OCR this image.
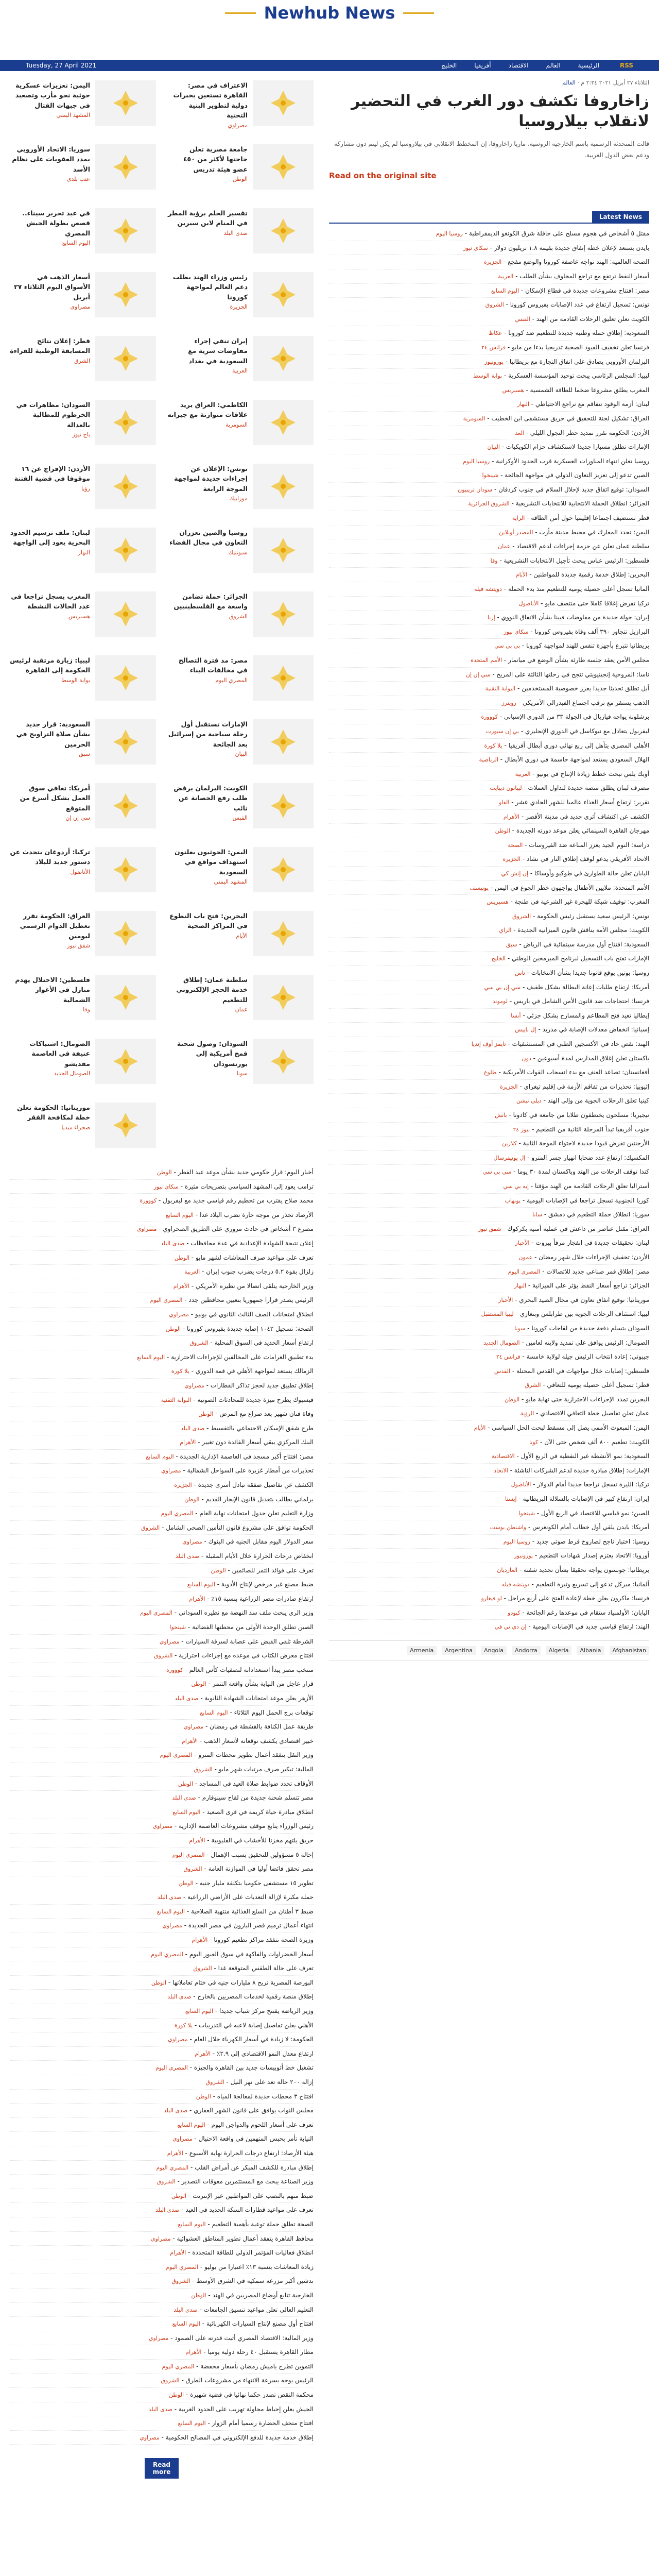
Newhub News
Tuesday, 27 April 2021	الرئيسية
العالم
الاقتصاد
أفريقيا
الخليج	RSS
اليمن: تعزيزات عسكرية حوثية نحو مأرب وتصعيد في جبهات القتال
المشهد اليمني
الاعتراف في مصر: القاهرة تستعين بخبرات دولية لتطوير البنية التحتية
مصراوي
سوريا: الاتحاد الأوروبي يمدد العقوبات على نظام الأسد
عنب بلدي
جامعة مصرية تعلن حاجتها لأكثر من ٤٥٠ عضو هيئة تدريس
الوطن
في عيد تحرير سيناء.. قصص بطولة الجيش المصري
اليوم السابع
تفسير الحلم برؤية المطر في المنام لابن سيرين
صدى البلد
أسعار الذهب في الأسواق اليوم الثلاثاء ٢٧ أبريل
مصراوي
رئيس وزراء الهند يطلب دعم العالم لمواجهة كورونا
الجزيرة
قطر: إعلان نتائج المسابقة الوطنية للقراءة
الشرق
إيران تنفي إجراء مفاوضات سرية مع السعودية في بغداد
العربية
السودان: مظاهرات في الخرطوم للمطالبة بالعدالة
باج نيوز
الكاظمي: العراق يريد علاقات متوازنة مع جيرانه
السومرية
الأردن: الإفراج عن ١٦ موقوفا في قضية الفتنة
رؤيا
تونس: الإعلان عن إجراءات جديدة لمواجهة الموجة الرابعة
موزاييك
لبنان: ملف ترسيم الحدود البحرية يعود إلى الواجهة
النهار
روسيا والصين تعززان التعاون في مجال الفضاء
سبوتنيك
المغرب يسجل تراجعا في عدد الحالات النشطة
هسبريس
الجزائر: حملة تضامن واسعة مع الفلسطينيين
الشروق
ليبيا: زيارة مرتقبة لرئيس الحكومة إلى القاهرة
بوابة الوسط
مصر: مد فترة التصالح في مخالفات البناء
المصري اليوم
السعودية: قرار جديد بشأن صلاة التراويح في الحرمين
سبق
الإمارات تستقبل أول رحلة سياحية من إسرائيل بعد الجائحة
البيان
أمريكا: تعافي سوق العمل بشكل أسرع من المتوقع
سي إن إن
الكويت: البرلمان يرفض طلب رفع الحصانة عن نائب
القبس
تركيا: أردوغان يتحدث عن دستور جديد للبلاد
الأناضول
اليمن: الحوثيون يعلنون استهداف مواقع في السعودية
المشهد اليمني
العراق: الحكومة تقرر تعطيل الدوام الرسمي ليومين
شفق نيوز
البحرين: فتح باب التطوع في المراكز الصحية
الأيام
فلسطين: الاحتلال يهدم منازل في الأغوار الشمالية
وفا
سلطنة عمان: إطلاق خدمة الحجز الإلكتروني للتطعيم
عمان
الصومال: اشتباكات عنيفة في العاصمة مقديشو
الصومال الجديد
السودان: وصول شحنة قمح أمريكية إلى بورتسودان
سونا
موريتانيا: الحكومة تعلن خطة لمكافحة الفقر
صحراء ميديا
أخبار اليوم: قرار حكومي جديد بشأن موعد عيد الفطر - الوطن
ترامب يعود إلى المشهد السياسي بتصريحات مثيرة - سكاي نيوز
محمد صلاح يقترب من تحطيم رقم قياسي جديد مع ليفربول - كووورة
الأرصاد تحذر من موجة حارة تضرب البلاد غدا - اليوم السابع
مصرع ٣ أشخاص في حادث مروري على الطريق الصحراوي - مصراوي
إعلان نتيجة الشهادة الإعدادية في عدة محافظات - صدى البلد
تعرف على مواعيد صرف المعاشات لشهر مايو - الوطن
زلزال بقوة ٥.٢ درجات يضرب جنوب إيران - العربية
وزير الخارجية يتلقى اتصالا من نظيره الأمريكي - الأهرام
الرئيس يصدر قرارا جمهوريا بتعيين محافظين جدد - المصري اليوم
انطلاق امتحانات الصف الثالث الثانوي في يونيو - مصراوي
الصحة: تسجيل ١٠٤٢ إصابة جديدة بفيروس كورونا - الوطن
ارتفاع أسعار الحديد في السوق المحلية - الشروق
بدء تطبيق الغرامات على المخالفين للإجراءات الاحترازية - اليوم السابع
الزمالك يستعد لمواجهة الأهلي في قمة الدوري - يلا كورة
إطلاق تطبيق جديد لحجز تذاكر القطارات - مصراوي
فيسبوك يطرح ميزة جديدة للمحادثات الصوتية - البوابة التقنية
وفاة فنان شهير بعد صراع مع المرض - الوطن
طرح شقق الإسكان الاجتماعي بالتقسيط - صدى البلد
البنك المركزي يبقي أسعار الفائدة دون تغيير - الأهرام
مصر: افتتاح أكبر مسجد في العاصمة الإدارية الجديدة - اليوم السابع
تحذيرات من أمطار غزيرة على السواحل الشمالية - مصراوي
الكشف عن تفاصيل صفقة تبادل أسرى جديدة - الجزيرة
برلماني يطالب بتعديل قانون الإيجار القديم - الوطن
وزارة التعليم تعلن جدول امتحانات نهاية العام - المصري اليوم
الحكومة توافق على مشروع قانون التأمين الصحي الشامل - الشروق
سعر الدولار اليوم مقابل الجنيه في البنوك - مصراوي
انخفاض درجات الحرارة خلال الأيام المقبلة - صدى البلد
تعرف على فوائد التمر للصائمين - الوطن
ضبط مصنع غير مرخص لإنتاج الأدوية - اليوم السابع
ارتفاع صادرات مصر الزراعية بنسبة ١٥٪ - الأهرام
وزير الري يبحث ملف سد النهضة مع نظيره السوداني - المصري اليوم
الصين تطلق الوحدة الأولى من محطتها الفضائية - شينخوا
الشرطة تلقي القبض على عصابة لسرقة السيارات - مصراوي
افتتاح معرض الكتاب في موعده مع إجراءات احترازية - الشروق
منتخب مصر يبدأ استعداداته لتصفيات كأس العالم - كووورة
قرار عاجل من النيابة بشأن واقعة التنمر - الوطن
الأزهر يعلن موعد امتحانات الشهادة الثانوية - صدى البلد
توقعات برج الحمل اليوم الثلاثاء - اليوم السابع
طريقة عمل الكنافة بالقشطة في رمضان - مصراوي
خبير اقتصادي يكشف توقعاته لأسعار الذهب - الأهرام
وزير النقل يتفقد أعمال تطوير محطات المترو - المصري اليوم
المالية: تبكير صرف مرتبات شهر مايو - الشروق
الأوقاف تحدد ضوابط صلاة العيد في المساجد - الوطن
مصر تتسلم شحنة جديدة من لقاح سينوفارم - صدى البلد
انطلاق مبادرة حياة كريمة في قرى الصعيد - اليوم السابع
رئيس الوزراء يتابع موقف مشروعات العاصمة الإدارية - مصراوي
حريق يلتهم مخزنا للأخشاب في القليوبية - الأهرام
إحالة ٥ مسؤولين للتحقيق بسبب الإهمال - المصري اليوم
مصر تحقق فائضا أوليا في الموازنة العامة - الشروق
تطوير ١٥ مستشفى حكوميا بتكلفة مليار جنيه - الوطن
حملة مكبرة لإزالة التعديات على الأراضي الزراعية - صدى البلد
ضبط ٣ أطنان من السلع الغذائية منتهية الصلاحية - اليوم السابع
انتهاء أعمال ترميم قصر البارون في مصر الجديدة - مصراوي
وزيرة الصحة تتفقد مراكز تطعيم كورونا - الأهرام
أسعار الخضراوات والفاكهة في سوق العبور اليوم - المصري اليوم
تعرف على حالة الطقس المتوقعة غدا - الشروق
البورصة المصرية تربح ٨ مليارات جنيه في ختام تعاملاتها - الوطن
إطلاق منصة رقمية لخدمات المصريين بالخارج - صدى البلد
وزير الرياضة يفتتح مركز شباب جديدا - اليوم السابع
الأهلي يعلن تفاصيل إصابة لاعبه في التدريبات - يلا كورة
الحكومة: لا زيادة في أسعار الكهرباء خلال العام - مصراوي
ارتفاع معدل النمو الاقتصادي إلى ٢.٩٪ - الأهرام
تشغيل خط أتوبيسات جديد بين القاهرة والجيزة - المصري اليوم
إزالة ٢٠٠ حالة تعد على نهر النيل - الشروق
افتتاح ٣ محطات جديدة لمعالجة المياه - الوطن
مجلس النواب يوافق على قانون الشهر العقاري - صدى البلد
تعرف على أسعار اللحوم والدواجن اليوم - اليوم السابع
النيابة تأمر بحبس المتهمين في واقعة الاحتيال - مصراوي
هيئة الأرصاد: ارتفاع درجات الحرارة نهاية الأسبوع - الأهرام
إطلاق مبادرة للكشف المبكر عن أمراض القلب - المصري اليوم
وزير الصناعة يبحث مع المستثمرين معوقات التصدير - الشروق
ضبط متهم بالنصب على المواطنين عبر الإنترنت - الوطن
تعرف على مواعيد قطارات السكة الحديد في العيد - صدى البلد
الصحة تطلق حملة توعية بأهمية التطعيم - اليوم السابع
محافظ القاهرة يتفقد أعمال تطوير المناطق العشوائية - مصراوي
انطلاق فعاليات المؤتمر الدولي للطاقة المتجددة - الأهرام
زيادة المعاشات بنسبة ١٣٪ اعتبارا من يوليو - المصري اليوم
تدشين أكبر مزرعة سمكية في الشرق الأوسط - الشروق
الخارجية تتابع أوضاع المصريين في الهند - الوطن
التعليم العالي تعلن مواعيد تنسيق الجامعات - صدى البلد
افتتاح أول مصنع لإنتاج السيارات الكهربائية - اليوم السابع
وزير المالية: الاقتصاد المصري أثبت قدرته على الصمود - مصراوي
مطار القاهرة يستقبل ٤٠ رحلة دولية يوميا - الأهرام
التموين تطرح ياميش رمضان بأسعار مخفضة - المصري اليوم
الرئيس يوجه بسرعة الانتهاء من مشروعات الطرق - الشروق
محكمة النقض تصدر حكما نهائيا في قضية شهيرة - الوطن
الجيش يعلن إحباط محاولة تهريب على الحدود الغربية - صدى البلد
افتتاح متحف الحضارة رسميا أمام الزوار - اليوم السابع
إطلاق خدمة جديدة للدفع الإلكتروني في المصالح الحكومية - مصراوي
Read more
الثلاثاء ٢٧ أبريل ٢٠٢١ ٢:٣٤ م · العالم
زاخاروفا تكشف دور الغرب في التحضير لانقلاب بيلاروسيا

قالت المتحدثة الرسمية باسم الخارجية الروسية، ماريا زاخاروفا، إن المخطط الانقلابي في بيلاروسيا لم يكن ليتم دون مشاركة ودعم بعض الدول الغربية.

Read on the original site
Latest News
مقتل ٥ أشخاص في هجوم مسلح على حافلة شرق الكونغو الديمقراطية - روسيا اليوم
بايدن يستعد لإعلان خطة إنفاق جديدة بقيمة ١.٨ تريليون دولار - سكاي نيوز
الصحة العالمية: الهند تواجه عاصفة كورونا والوضع مفجع - الجزيرة
أسعار النفط ترتفع مع تراجع المخاوف بشأن الطلب - العربية
مصر: افتتاح مشروعات جديدة في قطاع الإسكان - اليوم السابع
تونس: تسجيل ارتفاع في عدد الإصابات بفيروس كورونا - الشروق
الكويت تعلن تعليق الرحلات القادمة من الهند - القبس
السعودية: إطلاق حملة وطنية جديدة للتطعيم ضد كورونا - عكاظ
فرنسا تعلن تخفيف القيود الصحية تدريجيا بدءا من مايو - فرانس ٢٤
البرلمان الأوروبي يصادق على اتفاق التجارة مع بريطانيا - يورونيوز
ليبيا: المجلس الرئاسي يبحث توحيد المؤسسة العسكرية - بوابة الوسط
المغرب يطلق مشروعا ضخما للطاقة الشمسية - هسبريس
لبنان: أزمة الوقود تتفاقم مع تراجع الاحتياطي - النهار
العراق: تشكيل لجنة للتحقيق في حريق مستشفى ابن الخطيب - السومرية
الأردن: الحكومة تقرر تمديد حظر التجول الليلي - الغد
الإمارات تطلق مسبارا جديدا لاستكشاف حزام الكويكبات - البيان
روسيا تعلن انتهاء المناورات العسكرية قرب الحدود الأوكرانية - روسيا اليوم
الصين تدعو إلى تعزيز التعاون الدولي في مواجهة الجائحة - شينخوا
السودان: توقيع اتفاق جديد لإحلال السلام في جنوب كردفان - سودان تريبيون
الجزائر: انطلاق الحملة الانتخابية للانتخابات التشريعية - الشروق الجزائرية
قطر تستضيف اجتماعا إقليميا حول أمن الطاقة - الراية
اليمن: تجدد المعارك في محيط مدينة مأرب - المصدر أونلاين
سلطنة عمان تعلن عن حزمة إجراءات لدعم الاقتصاد - عمان
فلسطين: الرئيس عباس يبحث تأجيل الانتخابات التشريعية - وفا
البحرين: إطلاق خدمة رقمية جديدة للمواطنين - الأيام
ألمانيا تسجل أعلى حصيلة يومية للتطعيم منذ بدء الحملة - دويتشه فيله
تركيا تفرض إغلاقا كاملا حتى منتصف مايو - الأناضول
إيران: جولة جديدة من مفاوضات فيينا بشأن الاتفاق النووي - إرنا
البرازيل تتجاوز ٣٩٠ ألف وفاة بفيروس كورونا - سكاي نيوز
بريطانيا تتبرع بأجهزة تنفس للهند لمواجهة كورونا - بي بي سي
مجلس الأمن يعقد جلسة طارئة بشأن الوضع في ميانمار - الأمم المتحدة
ناسا: المروحية إنجينيويتي تنجح في رحلتها الثالثة على المريخ - سي إن إن
أبل تطلق تحديثا جديدا يعزز خصوصية المستخدمين - البوابة التقنية
الذهب يستقر مع ترقب اجتماع الفيدرالي الأمريكي - رويترز
برشلونة يواجه فياريال في الجولة ٣٣ من الدوري الإسباني - كووورة
ليفربول يتعادل مع نيوكاسل في الدوري الإنجليزي - بي إن سبورت
الأهلي المصري يتأهل إلى ربع نهائي دوري أبطال أفريقيا - يلا كورة
الهلال السعودي يستعد لمواجهة حاسمة في دوري الأبطال - الرياضية
أوبك بلس تبحث خطط زيادة الإنتاج في يونيو - العربية
مصرف لبنان يطلق منصة جديدة لتداول العملات - ليبانون ديبايت
تقرير: ارتفاع أسعار الغذاء عالميا للشهر الحادي عشر - الفاو
الكشف عن اكتشاف أثري جديد في مدينة الأقصر - الأهرام
مهرجان القاهرة السينمائي يعلن موعد دورته الجديدة - الوطن
دراسة: النوم الجيد يعزز المناعة ضد الفيروسات - الصحة
الاتحاد الأفريقي يدعو لوقف إطلاق النار في تشاد - الجزيرة
اليابان تعلن حالة الطوارئ في طوكيو وأوساكا - إن إتش كي
الأمم المتحدة: ملايين الأطفال يواجهون خطر الجوع في اليمن - يونيسف
المغرب: توقيف شبكة للهجرة غير الشرعية في طنجة - هسبريس
تونس: الرئيس سعيد يستقبل رئيس الحكومة - الشروق
الكويت: مجلس الأمة يناقش قانون الميزانية الجديدة - الراي
السعودية: افتتاح أول مدرسة سينمائية في الرياض - سبق
الإمارات تفتح باب التسجيل لبرنامج المبرمجين الوطني - الخليج
روسيا: بوتين يوقع قانونا جديدا بشأن الانتخابات - تاس
أمريكا: ارتفاع طلبات إعانة البطالة بشكل طفيف - سي إن بي سي
فرنسا: احتجاجات ضد قانون الأمن الشامل في باريس - لوموند
إيطاليا تعيد فتح المطاعم والمسارح بشكل جزئي - أنسا
إسبانيا: انخفاض معدلات الإصابة في مدريد - إل باييس
الهند: نقص حاد في الأكسجين الطبي في المستشفيات - تايمز أوف إنديا
باكستان تعلن إغلاق المدارس لمدة أسبوعين - دون
أفغانستان: تصاعد العنف مع بدء انسحاب القوات الأمريكية - طلوع
إثيوبيا: تحذيرات من تفاقم الأزمة في إقليم تيغراي - الجزيرة
كينيا تعلق الرحلات الجوية من وإلى الهند - ديلي نيشن
نيجيريا: مسلحون يختطفون طلابا من جامعة في كادونا - بانش
جنوب أفريقيا تبدأ المرحلة الثانية من التطعيم - نيوز ٢٤
الأرجنتين تفرض قيودا جديدة لاحتواء الموجة الثانية - كلارين
المكسيك: ارتفاع عدد ضحايا انهيار جسر المترو - إل يونيفرسال
كندا توقف الرحلات من الهند وباكستان لمدة ٣٠ يوما - سي بي سي
أستراليا تعلق الرحلات القادمة من الهند مؤقتا - إيه بي سي
كوريا الجنوبية تسجل تراجعا في الإصابات اليومية - يونهاب
سوريا: انطلاق حملة التطعيم في دمشق - سانا
العراق: مقتل عناصر من داعش في عملية أمنية بكركوك - شفق نيوز
لبنان: تحقيقات جديدة في انفجار مرفأ بيروت - الأخبار
الأردن: تخفيف الإجراءات خلال شهر رمضان - عمون
مصر: إطلاق قمر صناعي جديد للاتصالات - المصري اليوم
الجزائر: تراجع أسعار النفط يؤثر على الميزانية - النهار
موريتانيا: توقيع اتفاق تعاون في مجال الصيد البحري - الأخبار
ليبيا: استئناف الرحلات الجوية بين طرابلس وبنغازي - ليبيا المستقبل
السودان يتسلم دفعة جديدة من لقاحات كورونا - سونا
الصومال: الرئيس يوافق على تمديد ولايته لعامين - الصومال الجديد
جيبوتي: إعادة انتخاب الرئيس جيله لولاية خامسة - فرانس ٢٤
فلسطين: إصابات خلال مواجهات في القدس المحتلة - القدس
قطر: تسجيل أعلى حصيلة يومية للتعافي - الشرق
البحرين تمدد الإجراءات الاحترازية حتى نهاية مايو - الوطن
عمان تعلن تفاصيل خطة التعافي الاقتصادي - الرؤية
اليمن: المبعوث الأممي يصل إلى مسقط لبحث الحل السياسي - الأيام
الكويت: تطعيم ٨٠٠ ألف شخص حتى الآن - كونا
السعودية: نمو الأنشطة غير النفطية في الربع الأول - الاقتصادية
الإمارات: إطلاق مبادرة جديدة لدعم الشركات الناشئة - الاتحاد
تركيا: الليرة تسجل تراجعا جديدا أمام الدولار - الأناضول
إيران: ارتفاع كبير في الإصابات بالسلالة البريطانية - إيسنا
الصين: نمو قياسي للاقتصاد في الربع الأول - شينخوا
أمريكا: بايدن يلقي أول خطاب أمام الكونغرس - واشنطن بوست
روسيا: اختبار ناجح لصاروخ فرط صوتي جديد - روسيا اليوم
أوروبا: الاتحاد يعتزم إصدار شهادات التطعيم - يورونيوز
بريطانيا: جونسون يواجه تحقيقا بشأن تجديد شقته - الغارديان
ألمانيا: ميركل تدعو إلى تسريع وتيرة التطعيم - دويتشه فيله
فرنسا: ماكرون يعلن خطة لإعادة الفتح على أربع مراحل - لو فيغارو
اليابان: الأولمبياد ستقام في موعدها رغم الجائحة - كيودو
الهند: ارتفاع قياسي جديد في الإصابات اليومية - إن دي تي في
Afghanistan
Albania
Algeria
Andorra
Angola
Argentina
Armenia
